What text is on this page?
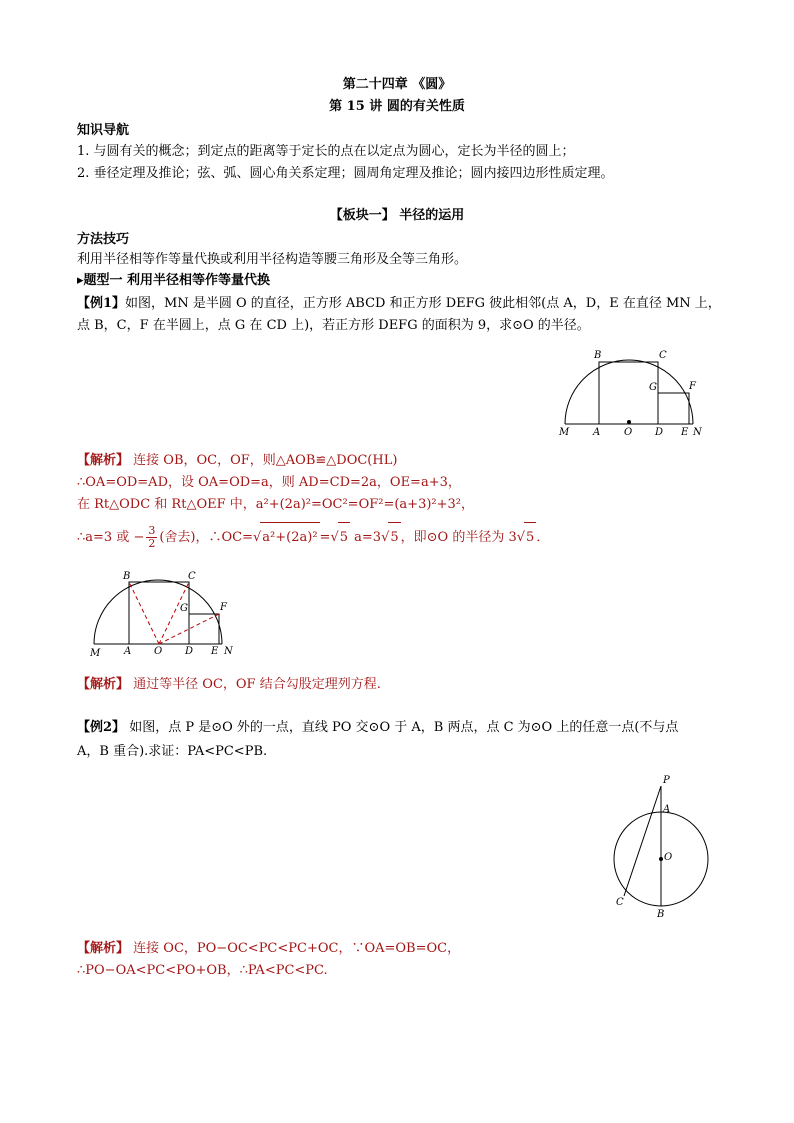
第二十四章 《圆》
第 15 讲 圆的有关性质
知识导航
1. 与圆有关的概念；到定点的距离等于定长的点在以定点为圆心，定长为半径的圆上；
2. 垂径定理及推论；弦、弧、圆心角关系定理；圆周角定理及推论；圆内接四边形性质定理。
【板块一】 半径的运用
方法技巧
利用半径相等作等量代换或利用半径构造等腰三角形及全等三角形。
▸题型一 利用半径相等作等量代换
【例1】如图，MN 是半圆 O 的直径，正方形 ABCD 和正方形 DEFG 彼此相邻(点 A，D，E 在直径 MN 上，
点 B，C，F 在半圆上，点 G 在 CD 上)，若正方形 DEFG 的面积为 9，求⊙O 的半径。
B	C
G	F
M A O D E N
【解析】 连接 OB，OC，OF，则△AOB≌△DOC(HL)
∴OA=OD=AD，设 OA=OD=a，则 AD=CD=2a，OE=a+3，
在 Rt△ODC 和 Rt△OEF 中，a²+(2a)²=OC²=OF²=(a+3)²+3²，
∴a=3 或 − $\frac{3}{2}$ (舍去)，∴OC=√a²+(2a)² =√5 a=3√5 ，即⊙O 的半径为 3√5 ．
B	C
G	F
M A O D E N
【解析】 通过等半径 OC，OF 结合勾股定理列方程.
【例2】 如图，点 P 是⊙O 外的一点，直线 PO 交⊙O 于 A，B 两点，点 C 为⊙O 上的任意一点(不与点
A，B 重合).求证：PA<PC<PB.
P
A
O
C
B
【解析】 连接 OC，PO−OC<PC<PC+OC，∵OA=OB=OC，
∴PO−OA<PC<PO+OB，∴PA<PC<PC.
